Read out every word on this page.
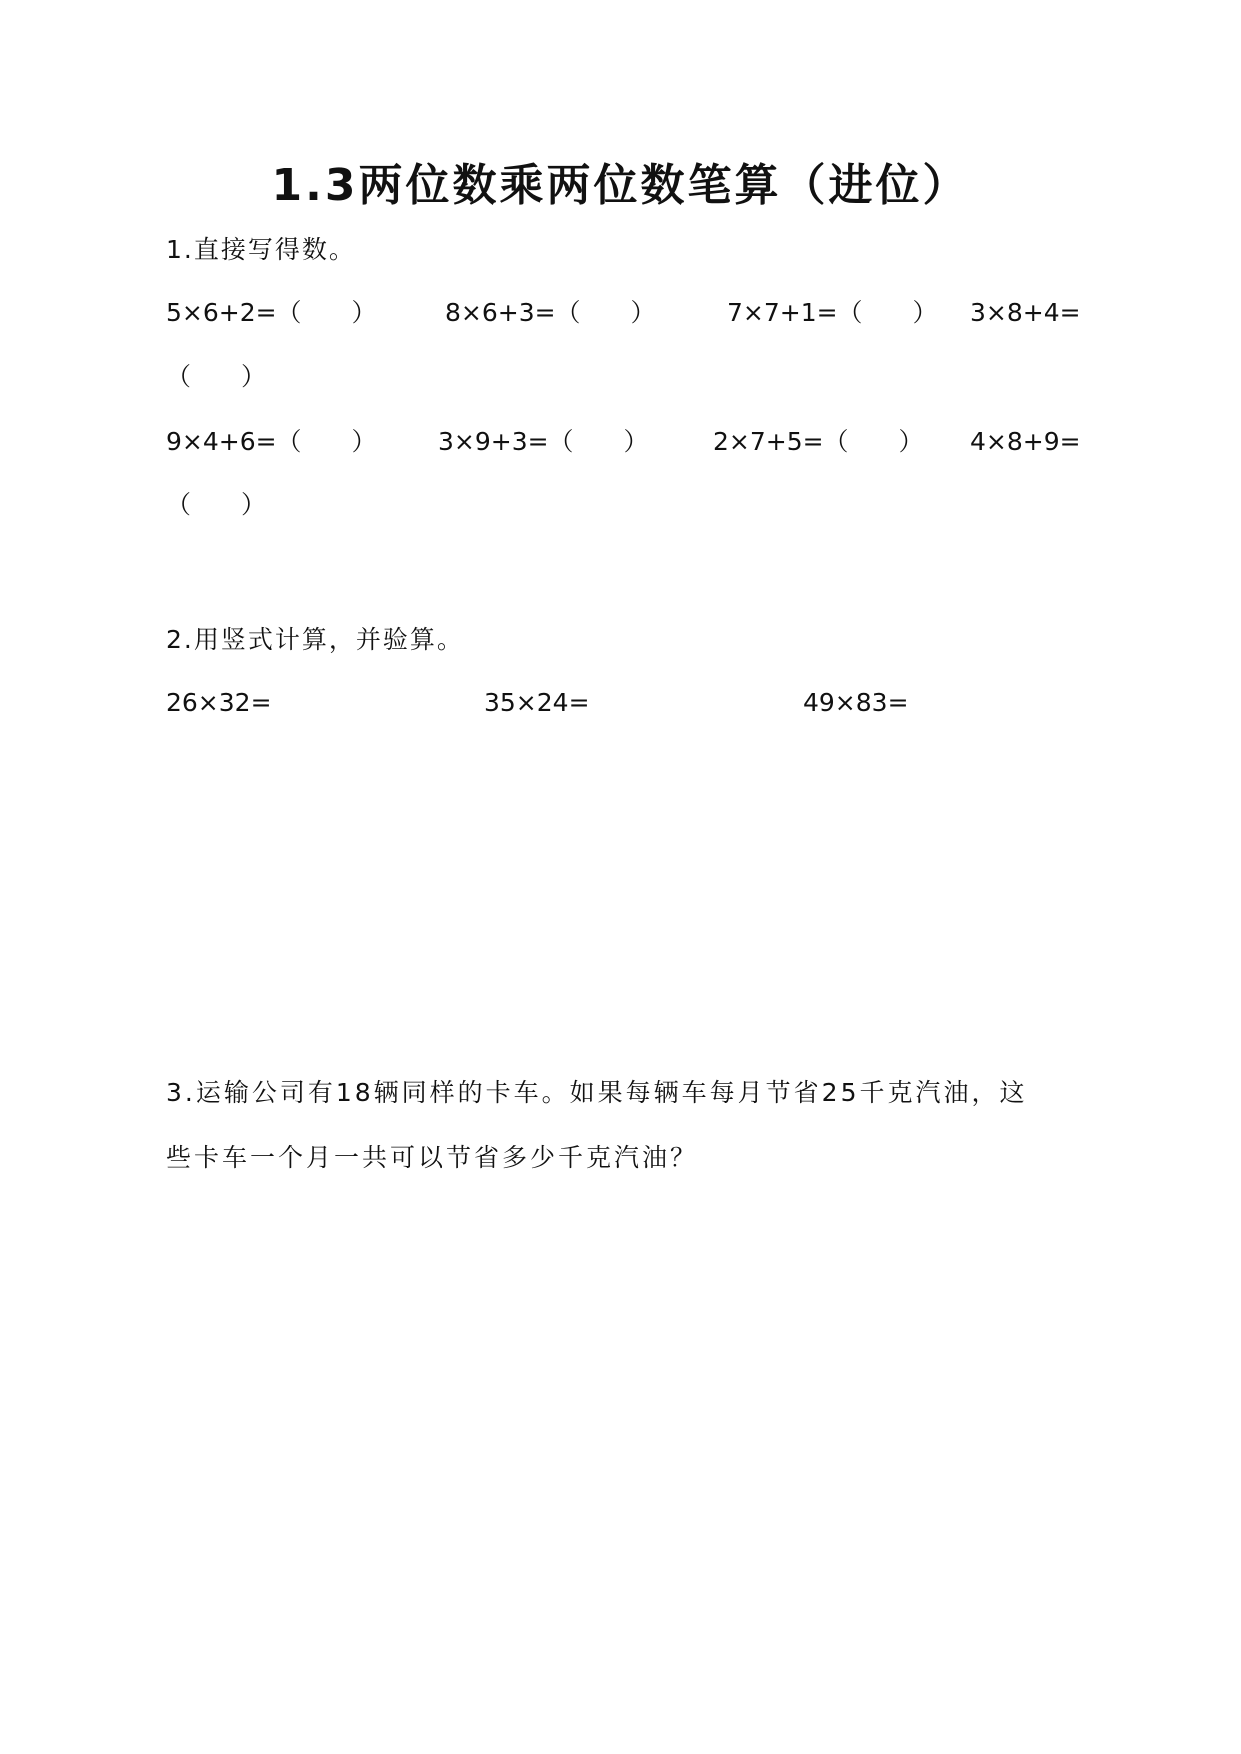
1.3两位数乘两位数笔算（进位）
1.直接写得数。
5×6+2=（　　）	8×6+3=（　　）	7×7+1=（　　） 3×8+4=
（　　）
9×4+6=（　　） 3×9+3=（　　）	2×7+5=（　　） 4×8+9=
（　　）
2.用竖式计算，并验算。
26×32=	35×24=	49×83=
3.运输公司有18辆同样的卡车。如果每辆车每月节省25千克汽油，这
些卡车一个月一共可以节省多少千克汽油？
